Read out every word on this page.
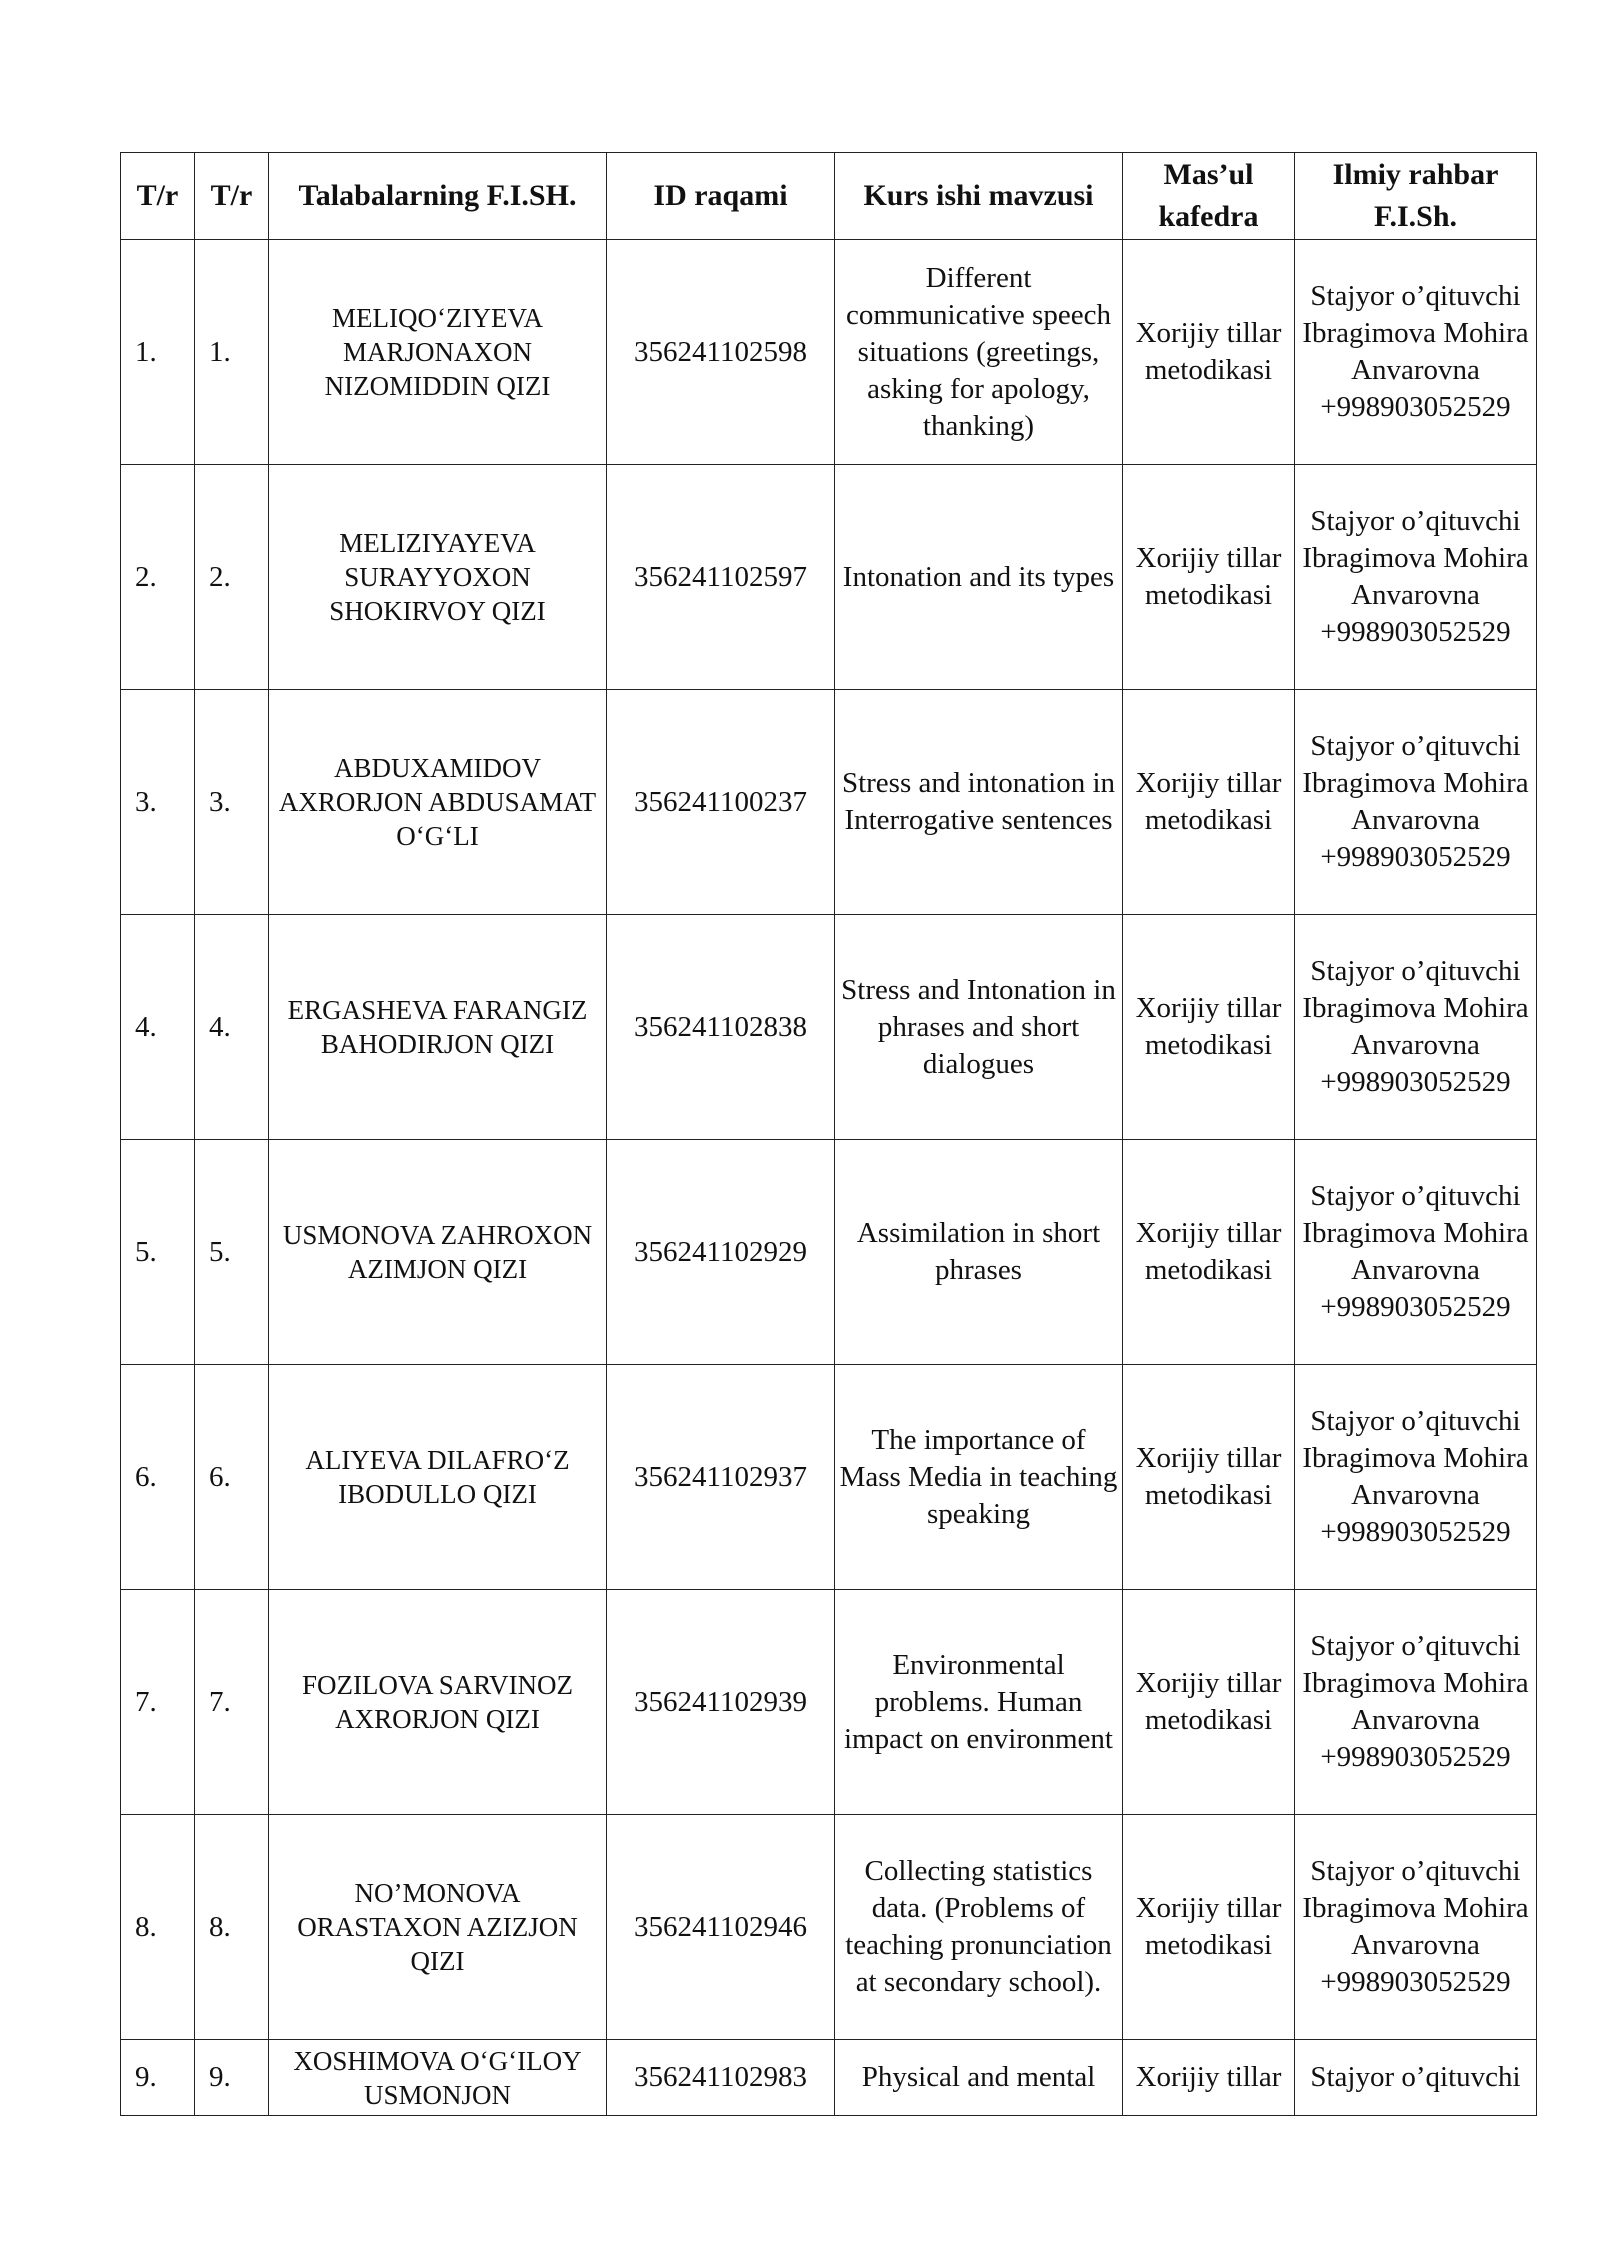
T/r	T/r	Talabalarning F.I.SH.	ID raqami	Kurs ishi mavzusi	Mas’ul kafedra	Ilmiy rahbar F.I.Sh.
1.	1.	MELIQO‘ZIYEVA MARJONAXON NIZOMIDDIN QIZI	356241102598	Different communicative speech situations (greetings, asking for apology, thanking)	Xorijiy tillar metodikasi	Stajyor o’qituvchi Ibragimova Mohira Anvarovna +998903052529
2.	2.	MELIZIYAYEVA SURAYYOXON SHOKIRVOY QIZI	356241102597	Intonation and its types	Xorijiy tillar metodikasi	Stajyor o’qituvchi Ibragimova Mohira Anvarovna +998903052529
3.	3.	ABDUXAMIDOV AXRORJON ABDUSAMAT O‘G‘LI	356241100237	Stress and intonation in Interrogative sentences	Xorijiy tillar metodikasi	Stajyor o’qituvchi Ibragimova Mohira Anvarovna +998903052529
4.	4.	ERGASHEVA FARANGIZ BAHODIRJON QIZI	356241102838	Stress and Intonation in phrases and short dialogues	Xorijiy tillar metodikasi	Stajyor o’qituvchi Ibragimova Mohira Anvarovna +998903052529
5.	5.	USMONOVA ZAHROXON AZIMJON QIZI	356241102929	Assimilation in short phrases	Xorijiy tillar metodikasi	Stajyor o’qituvchi Ibragimova Mohira Anvarovna +998903052529
6.	6.	ALIYEVA DILAFRO‘Z IBODULLO QIZI	356241102937	The importance of Mass Media in teaching speaking	Xorijiy tillar metodikasi	Stajyor o’qituvchi Ibragimova Mohira Anvarovna +998903052529
7.	7.	FOZILOVA SARVINOZ AXRORJON QIZI	356241102939	Environmental problems. Human impact on environment	Xorijiy tillar metodikasi	Stajyor o’qituvchi Ibragimova Mohira Anvarovna +998903052529
8.	8.	NO’MONOVA ORASTAXON AZIZJON QIZI	356241102946	Collecting statistics data. (Problems of teaching pronunciation at secondary school).	Xorijiy tillar metodikasi	Stajyor o’qituvchi Ibragimova Mohira Anvarovna +998903052529
9.	9.	XOSHIMOVA O‘G‘ILOY USMONJON	356241102983	Physical and mental	Xorijiy tillar	Stajyor o’qituvchi
